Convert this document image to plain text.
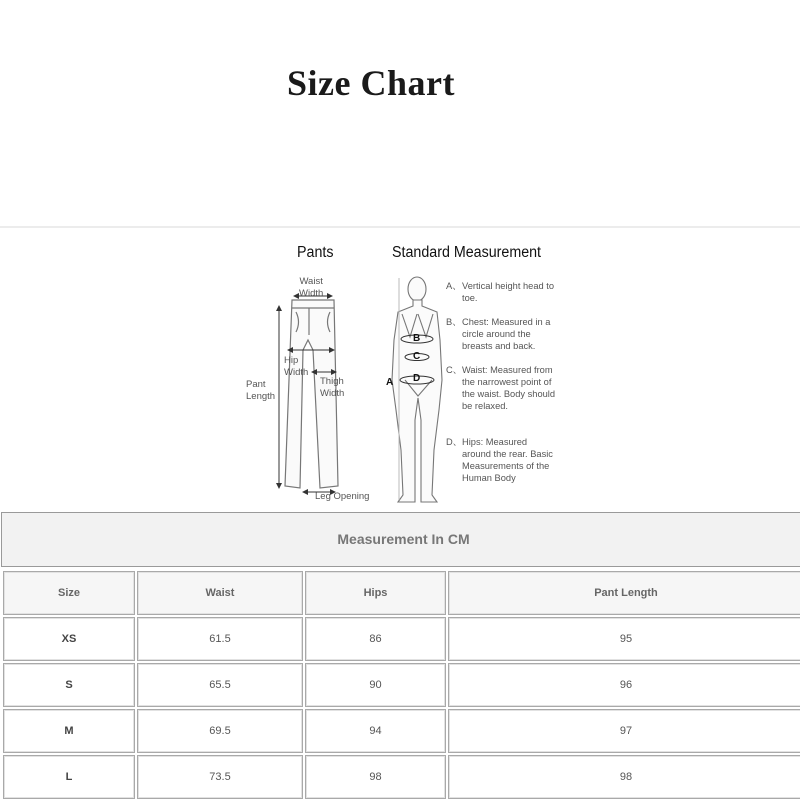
Size Chart
Pants	Standard Measurement
Waist
Width
Hip
Width
Pant
Length
Thigh
Width
Leg Opening
A
B
C
D
A、 Vertical height head to toe.
B、 Chest: Measured in a circle around the breasts and back.
C、 Waist: Measured from the narrowest point of the waist. Body should be relaxed.
D、 Hips: Measured around the rear. Basic Measurements of the Human Body
Measurement In CM
Size	Waist	Hips	Pant Length
XS	61.5	86	95
S	65.5	90	96
M	69.5	94	97
L	73.5	98	98
